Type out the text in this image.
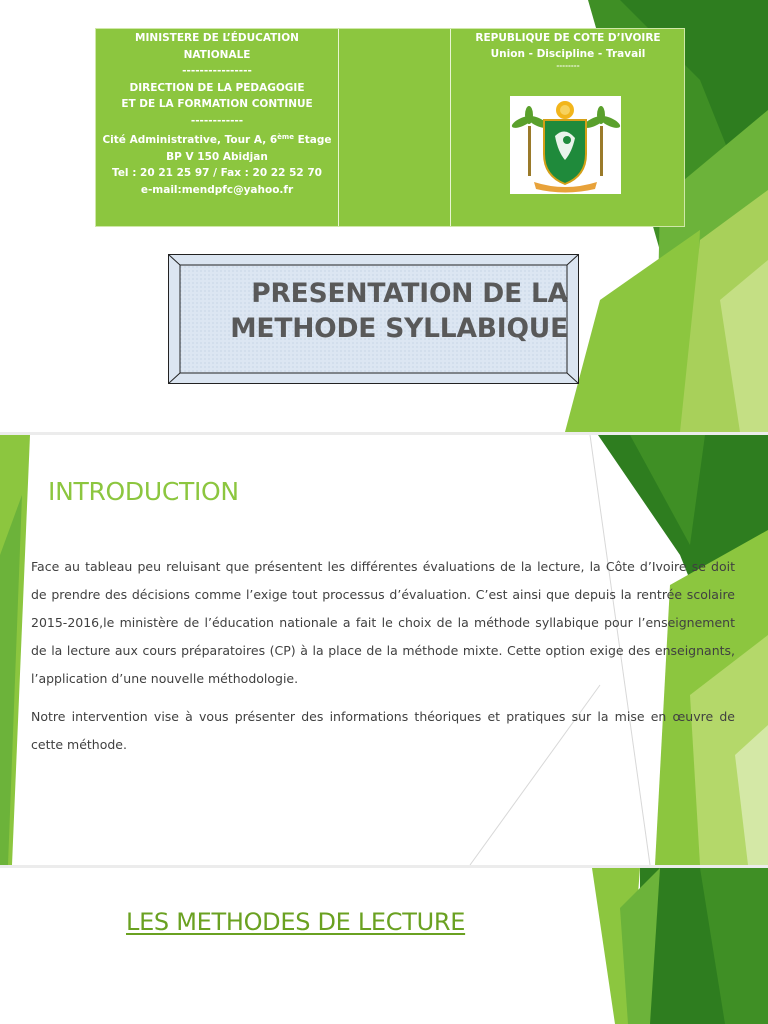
MINISTERE DE L’ÉDUCATION
NATIONALE
----------------
DIRECTION DE LA PEDAGOGIE
ET DE LA FORMATION CONTINUE
------------
Cité Administrative, Tour A, 6ème Etage
BP V 150 Abidjan
Tel : 20 21 25 97 / Fax : 20 22 52 70
e-mail:mendpfc@yahoo.fr
REPUBLIQUE DE COTE D’IVOIRE
Union - Discipline - Travail
--------
PRESENTATION DE LA
METHODE SYLLABIQUE
INTRODUCTION
Face au tableau peu reluisant que présentent les différentes évaluations de la lecture, la Côte d’Ivoire se doit de prendre des décisions comme l’exige tout processus d’évaluation. C’est ainsi que depuis la rentrée scolaire 2015-2016,le ministère de l’éducation nationale a fait le choix de la méthode syllabique pour l’enseignement de la lecture aux cours préparatoires (CP) à la place de la méthode mixte. Cette option exige des enseignants, l’application d’une nouvelle méthodologie.
Notre intervention vise à vous présenter des informations théoriques et pratiques sur la mise en œuvre de cette méthode.
LES METHODES DE LECTURE
